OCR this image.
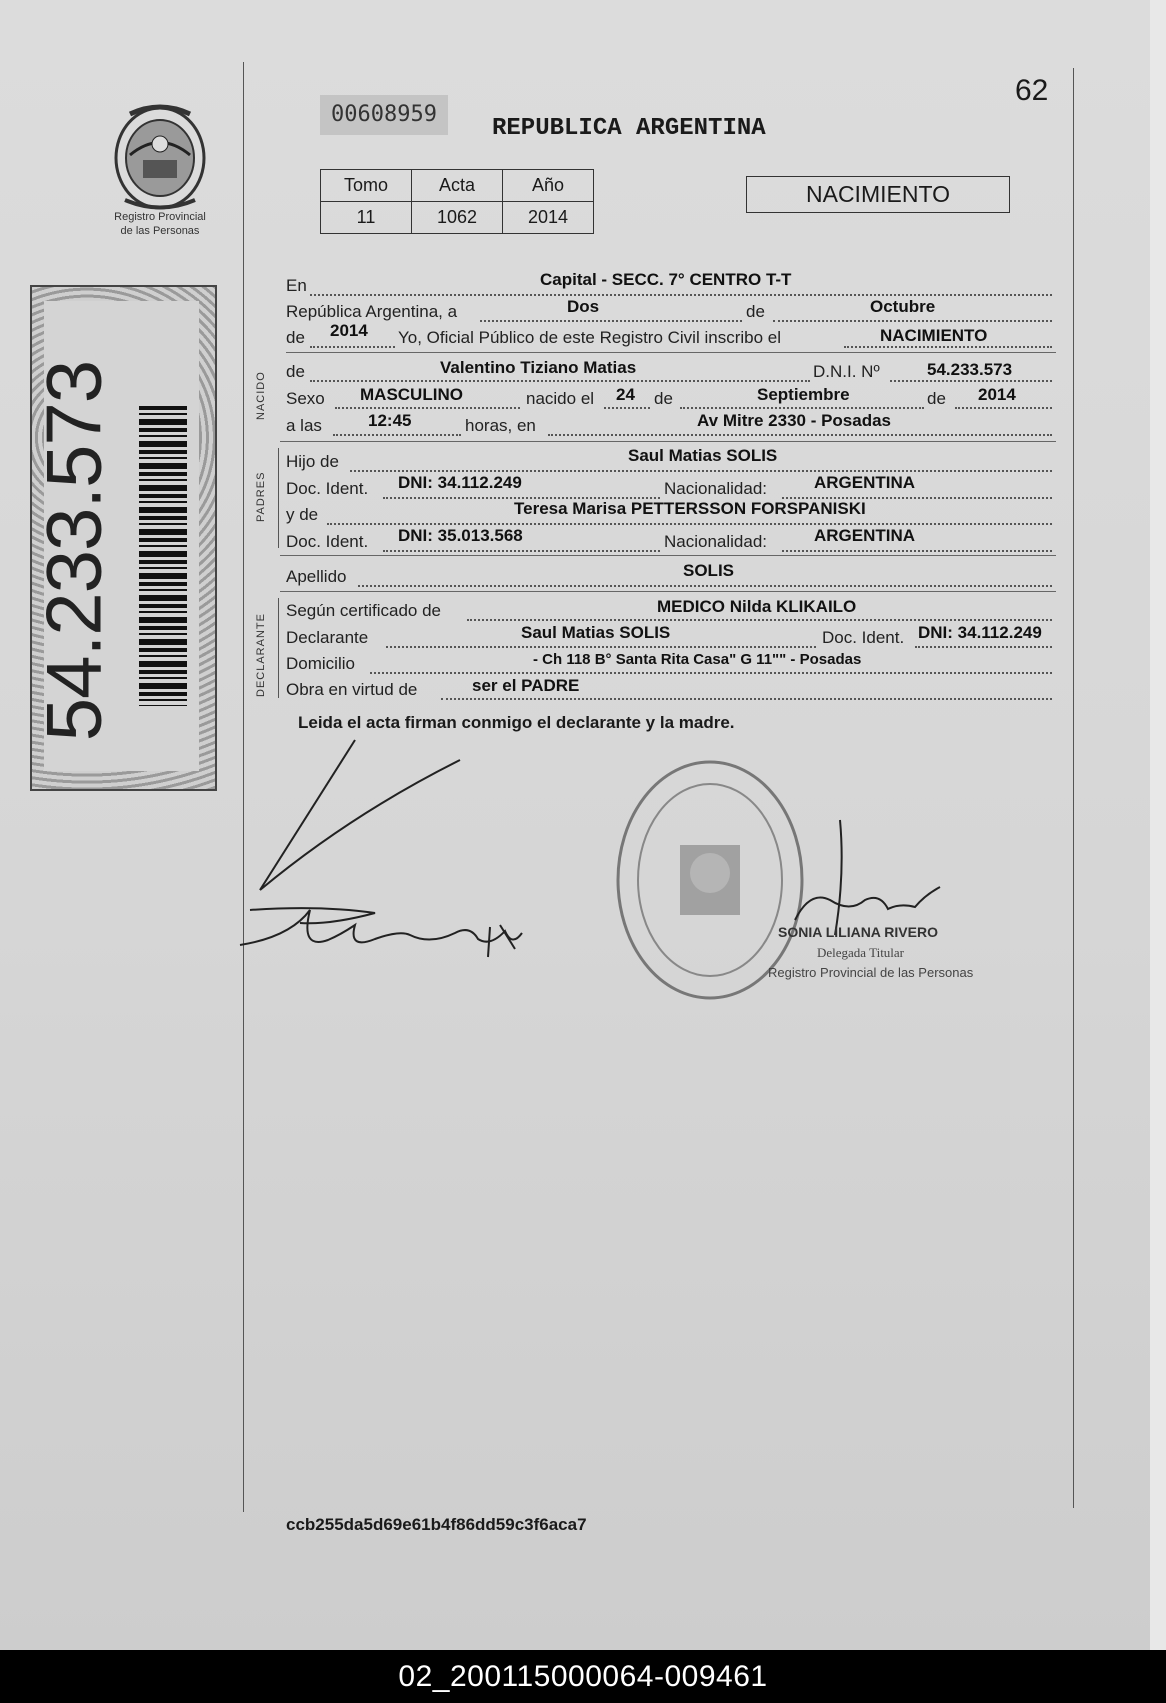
Registro Provincial
de las Personas
54.233.573
00608959
REPUBLICA ARGENTINA
62
Tomo	Acta	Año
11	1062	2014
NACIMIENTO
En	Capital - SECC. 7° CENTRO T-T
República Argentina, a	Dos	de	Octubre
de 2014 Yo, Oficial Público de este Registro Civil inscribo el	NACIMIENTO
NACIDO de	Valentino Tiziano Matias	D.N.I. Nº	54.233.573
Sexo MASCULINO	nacido el 24 de	Septiembre	de 2014
a las	12:45	horas, en	Av Mitre 2330 - Posadas
PADRES
Hijo de	Saul Matias SOLIS
Doc. Ident. DNI: 34.112.249	Nacionalidad:	ARGENTINA
y de	Teresa Marisa PETTERSSON FORSPANISKI
Doc. Ident. DNI: 35.013.568	Nacionalidad:	ARGENTINA
Apellido	SOLIS
DECLARANTE
Según certificado de	MEDICO Nilda KLIKAILO
Declarante	Saul Matias SOLIS	Doc. Ident. DNI: 34.112.249
Domicilio	- Ch 118 B° Santa Rita Casa" G 11"" - Posadas
Obra en virtud de	ser el PADRE
Leida el acta firman conmigo el declarante y la madre.
SONIA LILIANA RIVERO
Delegada Titular
Registro Provincial de las Personas
ccb255da5d69e61b4f86dd59c3f6aca7
02_200115000064-009461
